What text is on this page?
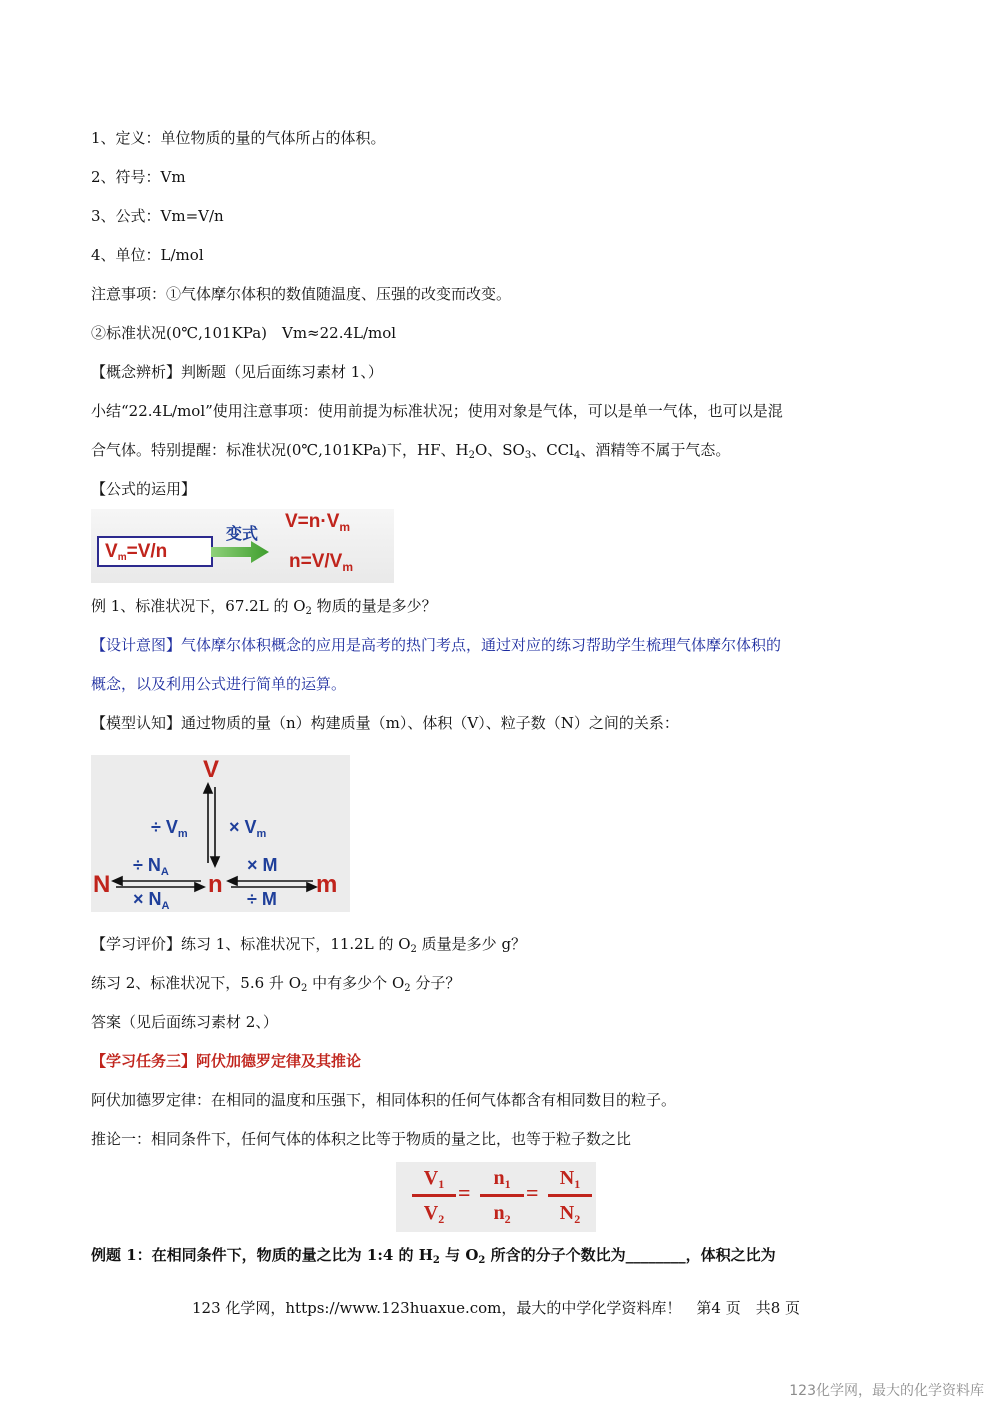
1、定义：单位物质的量的气体所占的体积。
2、符号：Vm
3、公式：Vm=V/n
4、单位：L/mol
注意事项：①气体摩尔体积的数值随温度、压强的改变而改变。
②标准状况(0℃,101KPa)　Vm≈22.4L/mol
【概念辨析】判断题（见后面练习素材 1、）
小结“22.4L/mol”使用注意事项：使用前提为标准状况；使用对象是气体，可以是单一气体，也可以是混
合气体。特别提醒：标准状况(0℃,101KPa)下，HF、$H_2O$、$SO_3$、CCl$_4$、酒精等不属于气态。
【公式的运用】
$V_m=V/n$
变式
$V=n\cdot V_m$
$n=V/V_m$
例 1、标准状况下，67.2L 的 $O_2$ 物质的量是多少？
【设计意图】气体摩尔体积概念的应用是高考的热门考点，通过对应的练习帮助学生梳理气体摩尔体积的
概念，以及利用公式进行简单的运算。
【模型认知】通过物质的量（n）构建质量（m）、体积（V）、粒子数（N）之间的关系：
V
N	n	m
÷ $V_m \times V_m$
÷ $N_A$
× $N_A$
× M
÷ M
【学习评价】练习 1、标准状况下，11.2L 的 $O_2$ 质量是多少 g？
练习 2、标准状况下，5.6 升 $O_2$ 中有多少个 $O_2$ 分子？
答案（见后面练习素材 2、）
【学习任务三】阿伏加德罗定律及其推论
阿伏加德罗定律：在相同的温度和压强下，相同体积的任何气体都含有相同数目的粒子。
推论一：相同条件下，任何气体的体积之比等于物质的量之比，也等于粒子数之比
$V_1$
$V_2$
=
$n_1$
$n_2$
=
$N_1$
$N_2$
例题 1：在相同条件下，物质的量之比为 1:4 的 $H_2$ 与 $O_2$ 所含的分子个数比为________，体积之比为
123 化学网，https://www.123huaxue.com，最大的中学化学资料库！　第4 页　共8 页
123化学网，最大的化学资料库
